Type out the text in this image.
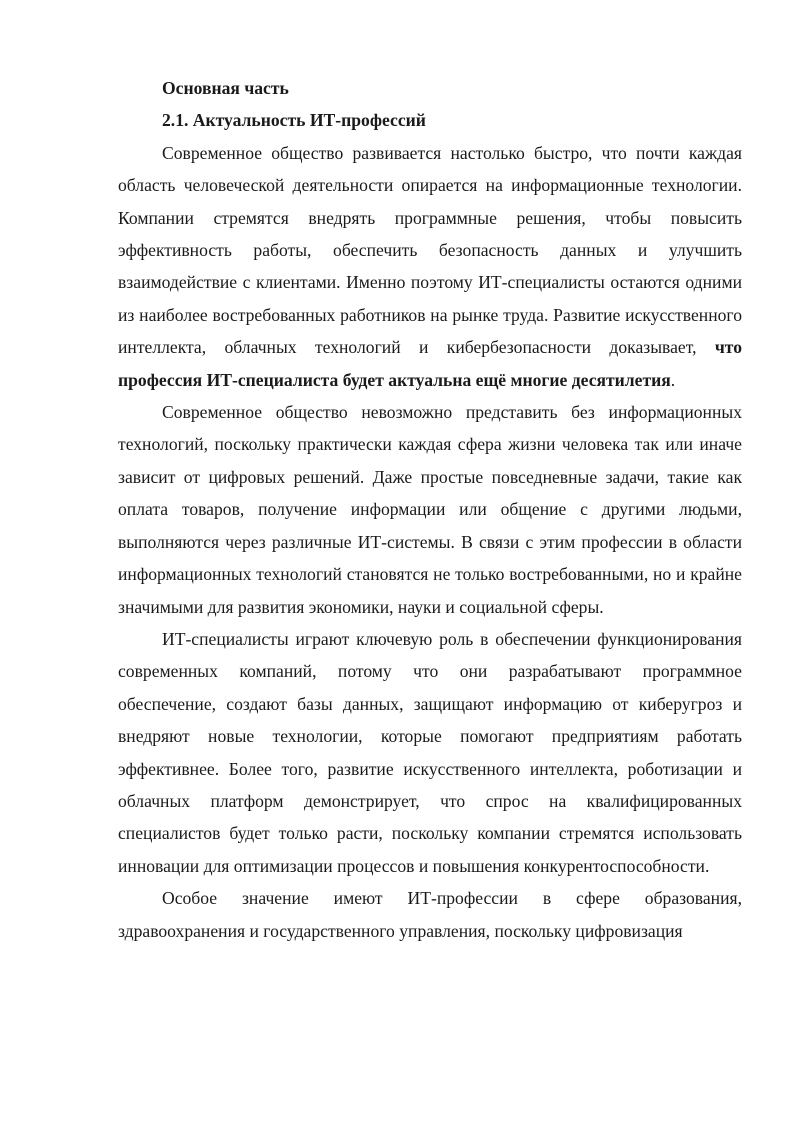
Основная часть

2.1. Актуальность ИТ-профессий

Современное общество развивается настолько быстро, что почти каждая область человеческой деятельности опирается на информационные технологии. Компании стремятся внедрять программные решения, чтобы повысить эффективность работы, обеспечить безопасность данных и улучшить взаимодействие с клиентами. Именно поэтому ИТ-специалисты остаются одними из наиболее востребованных работников на рынке труда. Развитие искусственного интеллекта, облачных технологий и кибербезопасности доказывает, что профессия ИТ-специалиста будет актуальна ещё многие десятилетия.

Современное общество невозможно представить без информационных технологий, поскольку практически каждая сфера жизни человека так или иначе зависит от цифровых решений. Даже простые повседневные задачи, такие как оплата товаров, получение информации или общение с другими людьми, выполняются через различные ИТ-системы. В связи с этим профессии в области информационных технологий становятся не только востребованными, но и крайне значимыми для развития экономики, науки и социальной сферы.

ИТ-специалисты играют ключевую роль в обеспечении функционирования современных компаний, потому что они разрабатывают программное обеспечение, создают базы данных, защищают информацию от киберугроз и внедряют новые технологии, которые помогают предприятиям работать эффективнее. Более того, развитие искусственного интеллекта, роботизации и облачных платформ демонстрирует, что спрос на квалифицированных специалистов будет только расти, поскольку компании стремятся использовать инновации для оптимизации процессов и повышения конкурентоспособности.

Особое значение имеют ИТ-профессии в сфере образования, здравоохранения и государственного управления, поскольку цифровизация
